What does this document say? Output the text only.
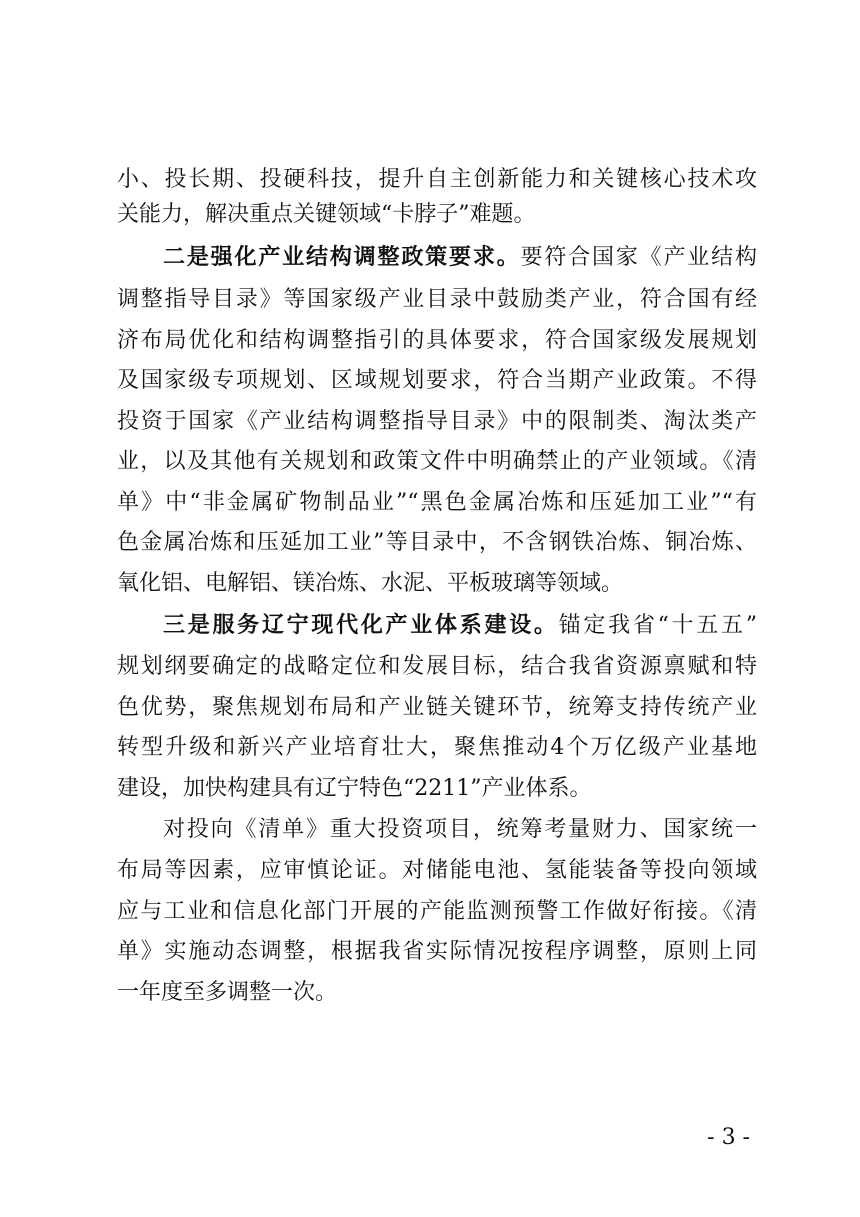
小、投长期、投硬科技，提升自主创新能力和关键核心技术攻
关能力，解决重点关键领域“卡脖子”难题。
二是强化产业结构调整政策要求。要符合国家《产业结构
调整指导目录》等国家级产业目录中鼓励类产业，符合国有经
济布局优化和结构调整指引的具体要求，符合国家级发展规划
及国家级专项规划、区域规划要求，符合当期产业政策。不得
投资于国家《产业结构调整指导目录》中的限制类、淘汰类产
业，以及其他有关规划和政策文件中明确禁止的产业领域。《清
单》中“非金属矿物制品业”“黑色金属冶炼和压延加工业”“有
色金属冶炼和压延加工业”等目录中，不含钢铁冶炼、铜冶炼、
氧化铝、电解铝、镁冶炼、水泥、平板玻璃等领域。
三是服务辽宁现代化产业体系建设。锚定我省“十五五”
规划纲要确定的战略定位和发展目标，结合我省资源禀赋和特
色优势，聚焦规划布局和产业链关键环节，统筹支持传统产业
转型升级和新兴产业培育壮大，聚焦推动4个万亿级产业基地
建设，加快构建具有辽宁特色“2211”产业体系。
对投向《清单》重大投资项目，统筹考量财力、国家统一
布局等因素，应审慎论证。对储能电池、氢能装备等投向领域
应与工业和信息化部门开展的产能监测预警工作做好衔接。《清
单》实施动态调整，根据我省实际情况按程序调整，原则上同
一年度至多调整一次。
- 3 -
